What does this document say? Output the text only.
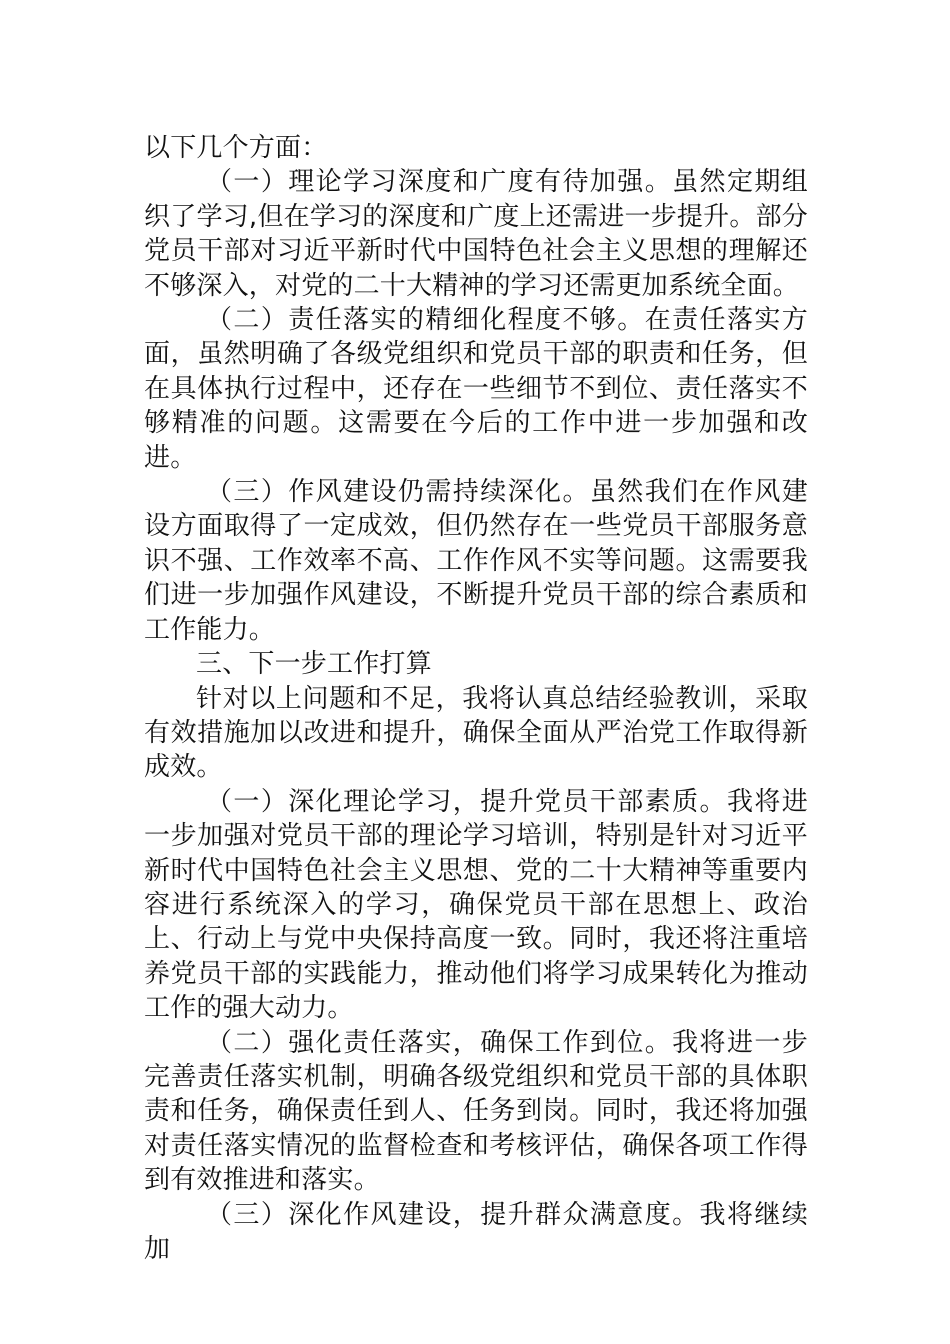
以下几个方面：

（一）理论学习深度和广度有待加强。虽然定期组织了学习,但在学习的深度和广度上还需进一步提升。部分党员干部对习近平新时代中国特色社会主义思想的理解还不够深入，对党的二十大精神的学习还需更加系统全面。

（二）责任落实的精细化程度不够。在责任落实方面，虽然明确了各级党组织和党员干部的职责和任务，但在具体执行过程中，还存在一些细节不到位、责任落实不够精准的问题。这需要在今后的工作中进一步加强和改进。

（三）作风建设仍需持续深化。虽然我们在作风建设方面取得了一定成效，但仍然存在一些党员干部服务意识不强、工作效率不高、工作作风不实等问题。这需要我们进一步加强作风建设，不断提升党员干部的综合素质和工作能力。

三、下一步工作打算

针对以上问题和不足，我将认真总结经验教训，采取有效措施加以改进和提升，确保全面从严治党工作取得新成效。

（一）深化理论学习，提升党员干部素质。我将进一步加强对党员干部的理论学习培训，特别是针对习近平新时代中国特色社会主义思想、党的二十大精神等重要内容进行系统深入的学习，确保党员干部在思想上、政治上、行动上与党中央保持高度一致。同时，我还将注重培养党员干部的实践能力，推动他们将学习成果转化为推动工作的强大动力。

（二）强化责任落实，确保工作到位。我将进一步完善责任落实机制，明确各级党组织和党员干部的具体职责和任务，确保责任到人、任务到岗。同时，我还将加强对责任落实情况的监督检查和考核评估，确保各项工作得到有效推进和落实。

（三）深化作风建设，提升群众满意度。我将继续加
